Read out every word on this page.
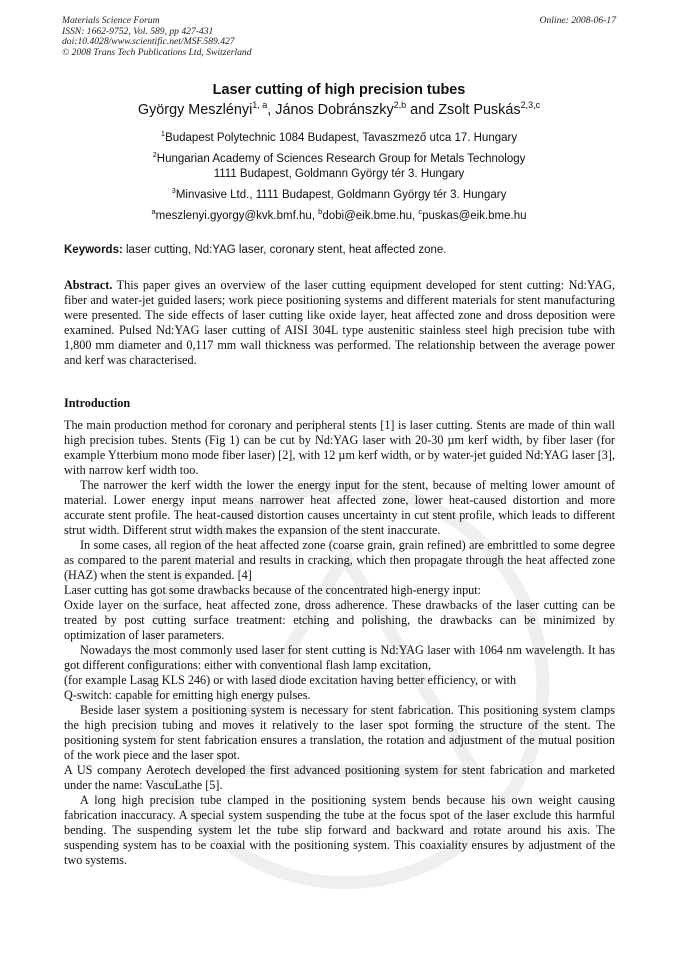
Materials Science Forum
ISSN: 1662-9752, Vol. 589, pp 427-431
doi:10.4028/www.scientific.net/MSF.589.427
© 2008 Trans Tech Publications Ltd, Switzerland
Online: 2008-06-17
Laser cutting of high precision tubes
György Meszlényi$^{1, a}$, János Dobránszky$^{2,b}$ and Zsolt Puskás$^{2,3,c}$
$^1$Budapest Polytechnic 1084 Budapest, Tavaszmező utca 17. Hungary
$^2$Hungarian Academy of Sciences Research Group for Metals Technology
1111 Budapest, Goldmann György tér 3. Hungary
$^3$Minvasive Ltd., 1111 Budapest, Goldmann György tér 3. Hungary
$^a$meszlenyi.gyorgy@kvk.bmf.hu, $^b$dobi@eik.bme.hu, $^c$puskas@eik.bme.hu
Keywords: laser cutting, Nd:YAG laser, coronary stent, heat affected zone.
Abstract. This paper gives an overview of the laser cutting equipment developed for stent cutting: Nd:YAG, fiber and water-jet guided lasers; work piece positioning systems and different materials for stent manufacturing were presented. The side effects of laser cutting like oxide layer, heat affected zone and dross deposition were examined. Pulsed Nd:YAG laser cutting of AISI 304L type austenitic stainless steel high precision tube with 1,800 mm diameter and 0,117 mm wall thickness was performed. The relationship between the average power and kerf was characterised.
Introduction

The main production method for coronary and peripheral stents [1] is laser cutting. Stents are made of thin wall high precision tubes. Stents (Fig 1) can be cut by Nd:YAG laser with 20-30 µm kerf width, by fiber laser (for example Ytterbium mono mode fiber laser) [2], with 12 µm kerf width, or by water-jet guided Nd:YAG laser [3], with narrow kerf width too.

The narrower the kerf width the lower the energy input for the stent, because of melting lower amount of material. Lower energy input means narrower heat affected zone, lower heat-caused distortion and more accurate stent profile. The heat-caused distortion causes uncertainty in cut stent profile, which leads to different strut width. Different strut width makes the expansion of the stent inaccurate.

In some cases, all region of the heat affected zone (coarse grain, grain refined) are embrittled to some degree as compared to the parent material and results in cracking, which then propagate through the heat affected zone (HAZ) when the stent is expanded. [4]

Laser cutting has got some drawbacks because of the concentrated high-energy input:

Oxide layer on the surface, heat affected zone, dross adherence. These drawbacks of the laser cutting can be treated by post cutting surface treatment: etching and polishing, the drawbacks can be minimized by optimization of laser parameters.

Nowadays the most commonly used laser for stent cutting is Nd:YAG laser with 1064 nm wavelength. It has got different configurations: either with conventional flash lamp excitation,

(for example Lasag KLS 246) or with lased diode excitation having better efficiency, or with

Q-switch: capable for emitting high energy pulses.

Beside laser system a positioning system is necessary for stent fabrication. This positioning system clamps the high precision tubing and moves it relatively to the laser spot forming the structure of the stent. The positioning system for stent fabrication ensures a translation, the rotation and adjustment of the mutual position of the work piece and the laser spot.

A US company Aerotech developed the first advanced positioning system for stent fabrication and marketed under the name: VascuLathe [5].

A long high precision tube clamped in the positioning system bends because his own weight causing fabrication inaccuracy. A special system suspending the tube at the focus spot of the laser exclude this harmful bending. The suspending system let the tube slip forward and backward and rotate around his axis. The suspending system has to be coaxial with the positioning system. This coaxiality ensures by adjustment of the two systems.
